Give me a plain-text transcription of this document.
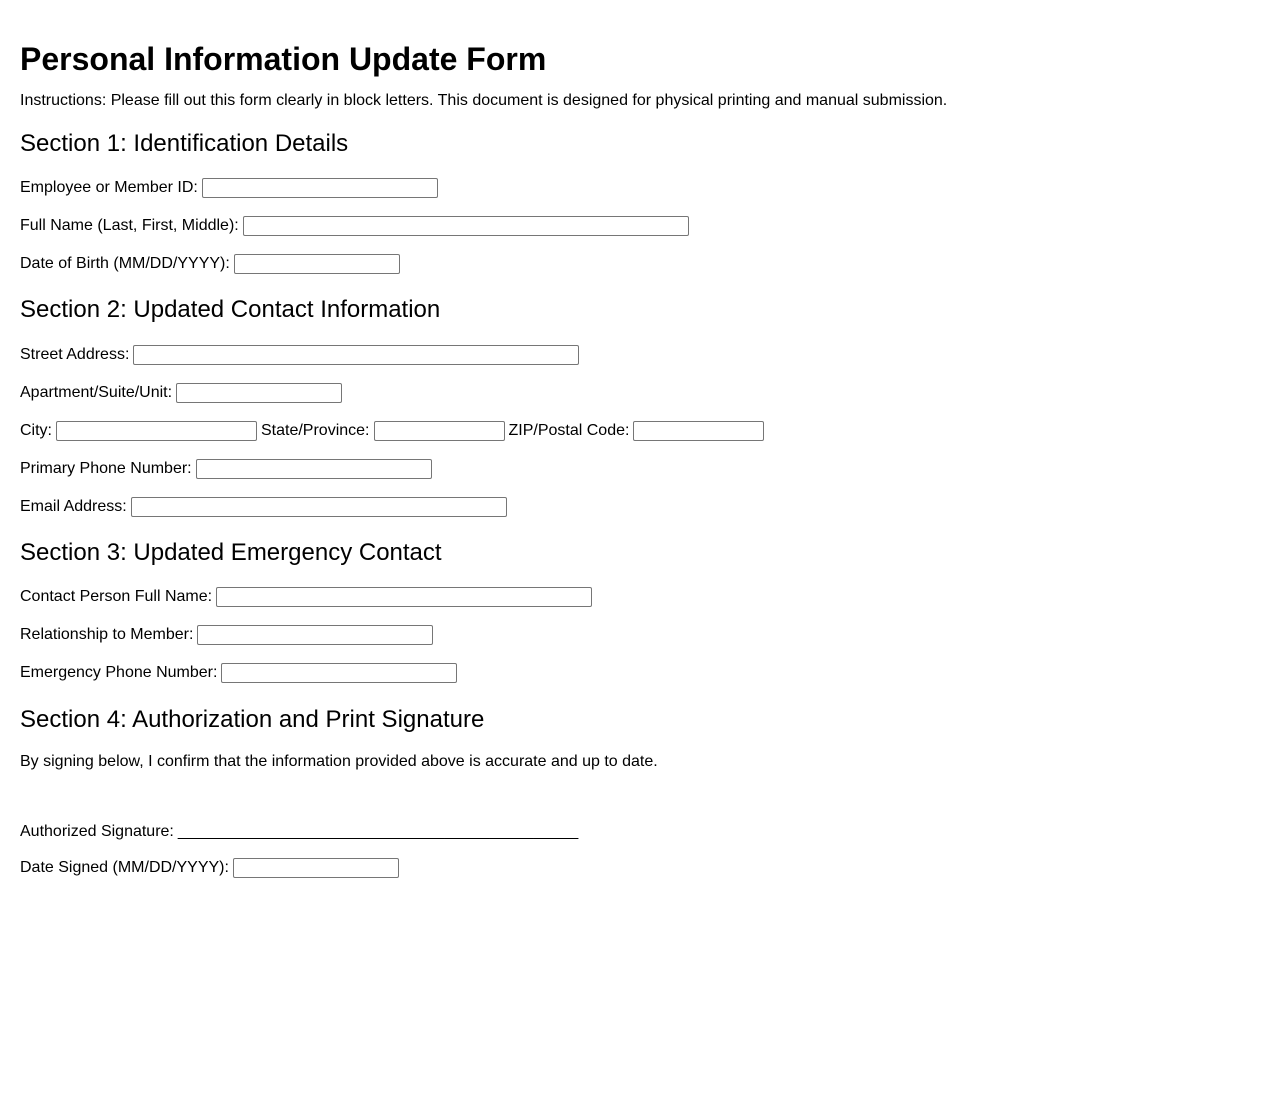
Personal Information Update Form

Instructions: Please fill out this form clearly in block letters. This document is designed for physical printing and manual submission.

Section 1: Identification Details
Employee or Member ID:
Full Name (Last, First, Middle):
Date of Birth (MM/DD/YYYY):
Section 2: Updated Contact Information
Street Address:
Apartment/Suite/Unit:
City:	State/Province:	ZIP/Postal Code:
Primary Phone Number:
Email Address:
Section 3: Updated Emergency Contact
Contact Person Full Name:
Relationship to Member:
Emergency Phone Number:
Section 4: Authorization and Print Signature

By signing below, I confirm that the information provided above is accurate and up to date.

Authorized Signature: _____________________________________________
Date Signed (MM/DD/YYYY):
